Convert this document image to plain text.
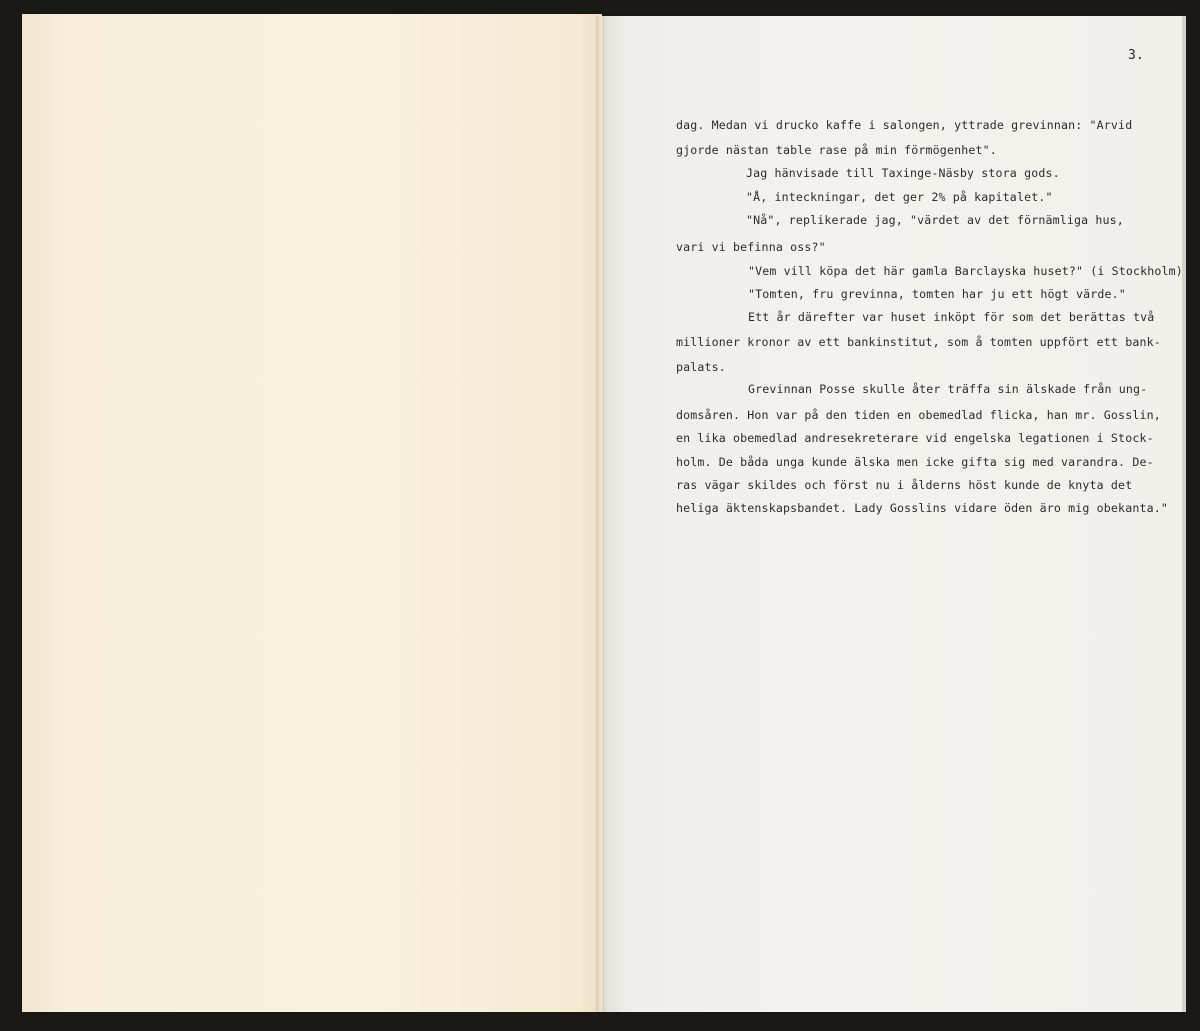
3.
dag. Medan vi drucko kaffe i salongen, yttrade grevinnan: "Arvid
gjorde nästan table rase på min förmögenhet".
Jag hänvisade till Taxinge-Näsby stora gods.
"Å, inteckningar, det ger 2% på kapitalet."
"Nå", replikerade jag, "värdet av det förnämliga hus,
vari vi befinna oss?"
"Vem vill köpa det här gamla Barclayska huset?" (i Stockholm)
"Tomten, fru grevinna, tomten har ju ett högt värde."
Ett år därefter var huset inköpt för som det berättas två
millioner kronor av ett bankinstitut, som å tomten uppfört ett bank-
palats.
Grevinnan Posse skulle åter träffa sin älskade från ung-
domsåren. Hon var på den tiden en obemedlad flicka, han mr. Gosslin,
en lika obemedlad andresekreterare vid engelska legationen i Stock-
holm. De båda unga kunde älska men icke gifta sig med varandra. De-
ras vägar skildes och först nu i ålderns höst kunde de knyta det
heliga äktenskapsbandet. Lady Gosslins vidare öden äro mig obekanta."
